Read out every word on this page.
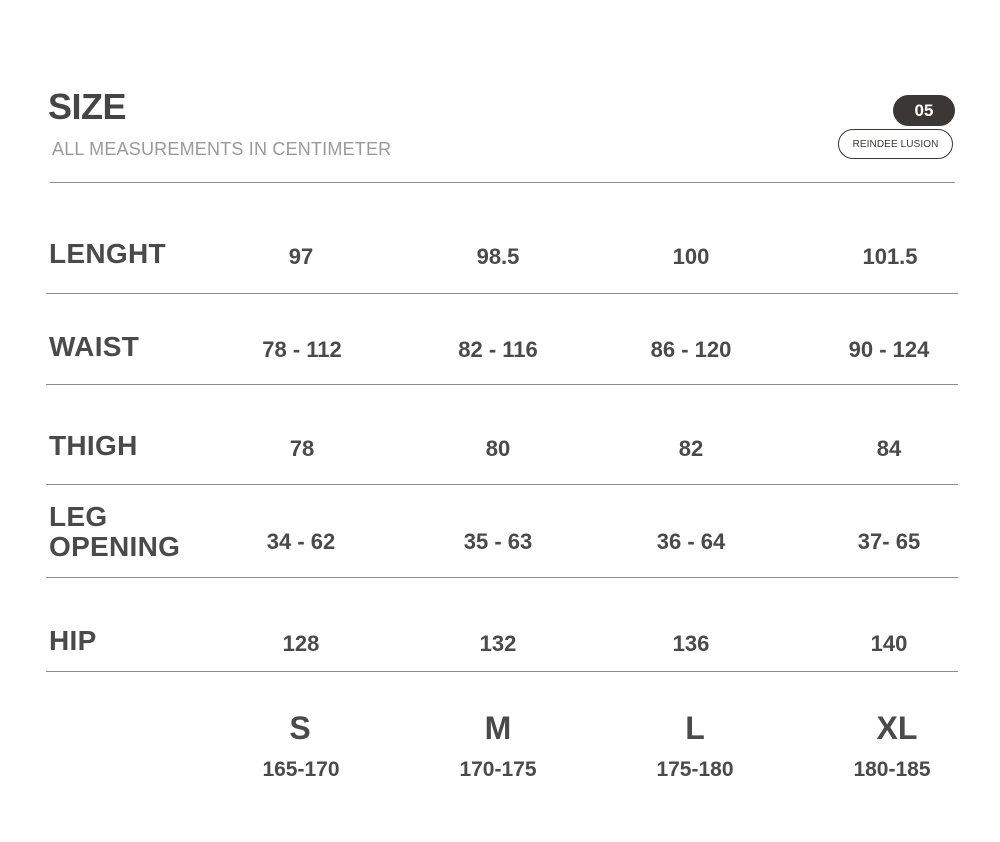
SIZE
ALL MEASUREMENTS IN CENTIMETER
05
REINDEE LUSION
LENGHT	97	98.5	100	101.5
WAIST	78 - 112	82 - 116	86 - 120	90 - 124
THIGH	78	80	82	84
LEG
OPENING	34 - 62	35 - 63	36 - 64	37- 65
HIP	128	132	136	140
S	M	L	XL
165-170	170-175	175-180	180-185
